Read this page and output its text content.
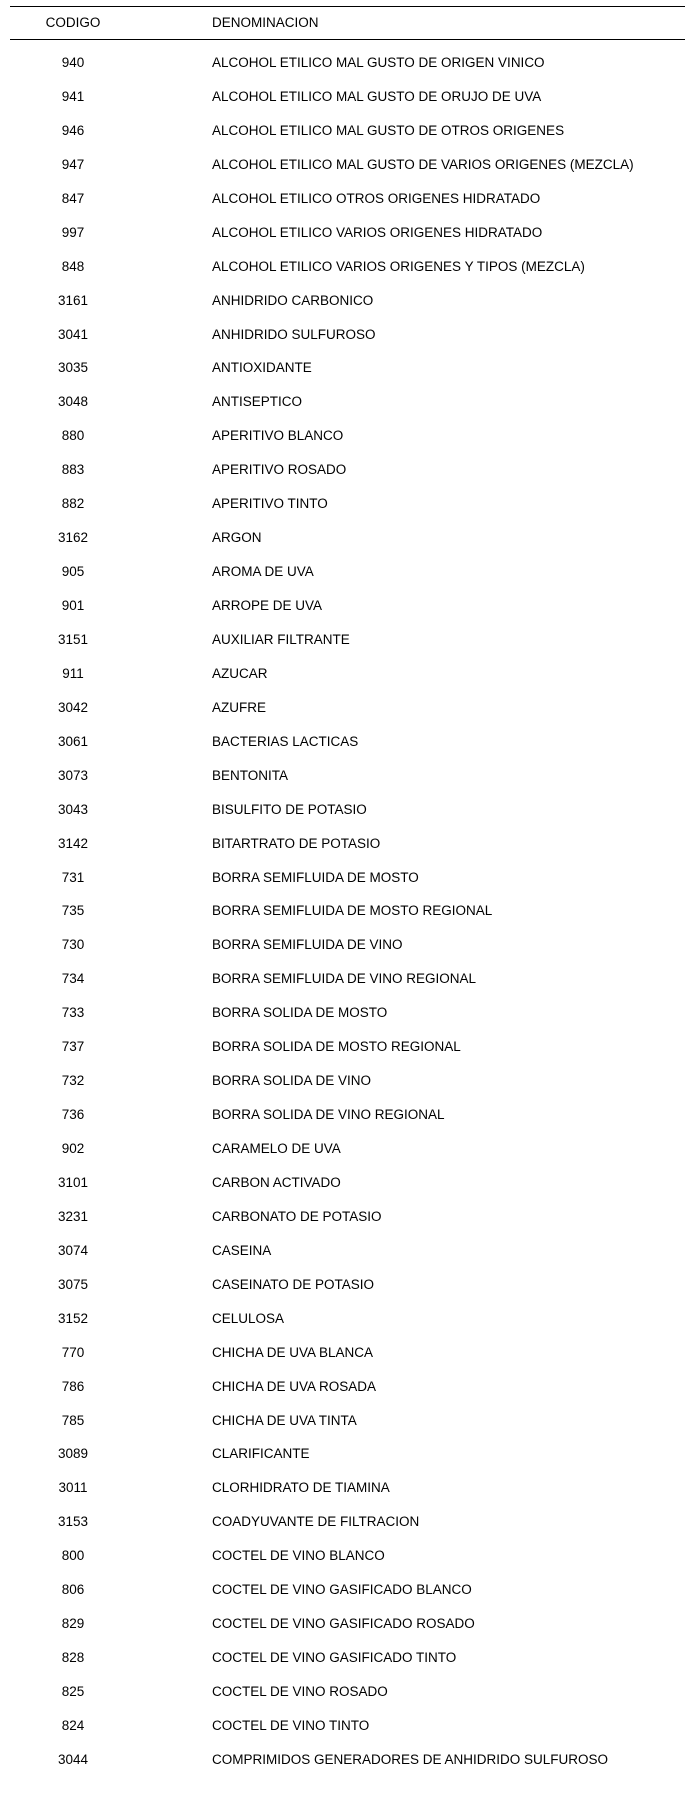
CODIGO	DENOMINACION
940	ALCOHOL ETILICO MAL GUSTO DE ORIGEN VINICO
941	ALCOHOL ETILICO MAL GUSTO DE ORUJO DE UVA
946	ALCOHOL ETILICO MAL GUSTO DE OTROS ORIGENES
947	ALCOHOL ETILICO MAL GUSTO DE VARIOS ORIGENES (MEZCLA)
847	ALCOHOL ETILICO OTROS ORIGENES HIDRATADO
997	ALCOHOL ETILICO VARIOS ORIGENES HIDRATADO
848	ALCOHOL ETILICO VARIOS ORIGENES Y TIPOS (MEZCLA)
3161	ANHIDRIDO CARBONICO
3041	ANHIDRIDO SULFUROSO
3035	ANTIOXIDANTE
3048	ANTISEPTICO
880	APERITIVO BLANCO
883	APERITIVO ROSADO
882	APERITIVO TINTO
3162	ARGON
905	AROMA DE UVA
901	ARROPE DE UVA
3151	AUXILIAR FILTRANTE
911	AZUCAR
3042	AZUFRE
3061	BACTERIAS LACTICAS
3073	BENTONITA
3043	BISULFITO DE POTASIO
3142	BITARTRATO DE POTASIO
731	BORRA SEMIFLUIDA DE MOSTO
735	BORRA SEMIFLUIDA DE MOSTO REGIONAL
730	BORRA SEMIFLUIDA DE VINO
734	BORRA SEMIFLUIDA DE VINO REGIONAL
733	BORRA SOLIDA DE MOSTO
737	BORRA SOLIDA DE MOSTO REGIONAL
732	BORRA SOLIDA DE VINO
736	BORRA SOLIDA DE VINO REGIONAL
902	CARAMELO DE UVA
3101	CARBON ACTIVADO
3231	CARBONATO DE POTASIO
3074	CASEINA
3075	CASEINATO DE POTASIO
3152	CELULOSA
770	CHICHA DE UVA BLANCA
786	CHICHA DE UVA ROSADA
785	CHICHA DE UVA TINTA
3089	CLARIFICANTE
3011	CLORHIDRATO DE TIAMINA
3153	COADYUVANTE DE FILTRACION
800	COCTEL DE VINO BLANCO
806	COCTEL DE VINO GASIFICADO BLANCO
829	COCTEL DE VINO GASIFICADO ROSADO
828	COCTEL DE VINO GASIFICADO TINTO
825	COCTEL DE VINO ROSADO
824	COCTEL DE VINO TINTO
3044	COMPRIMIDOS GENERADORES DE ANHIDRIDO SULFUROSO
